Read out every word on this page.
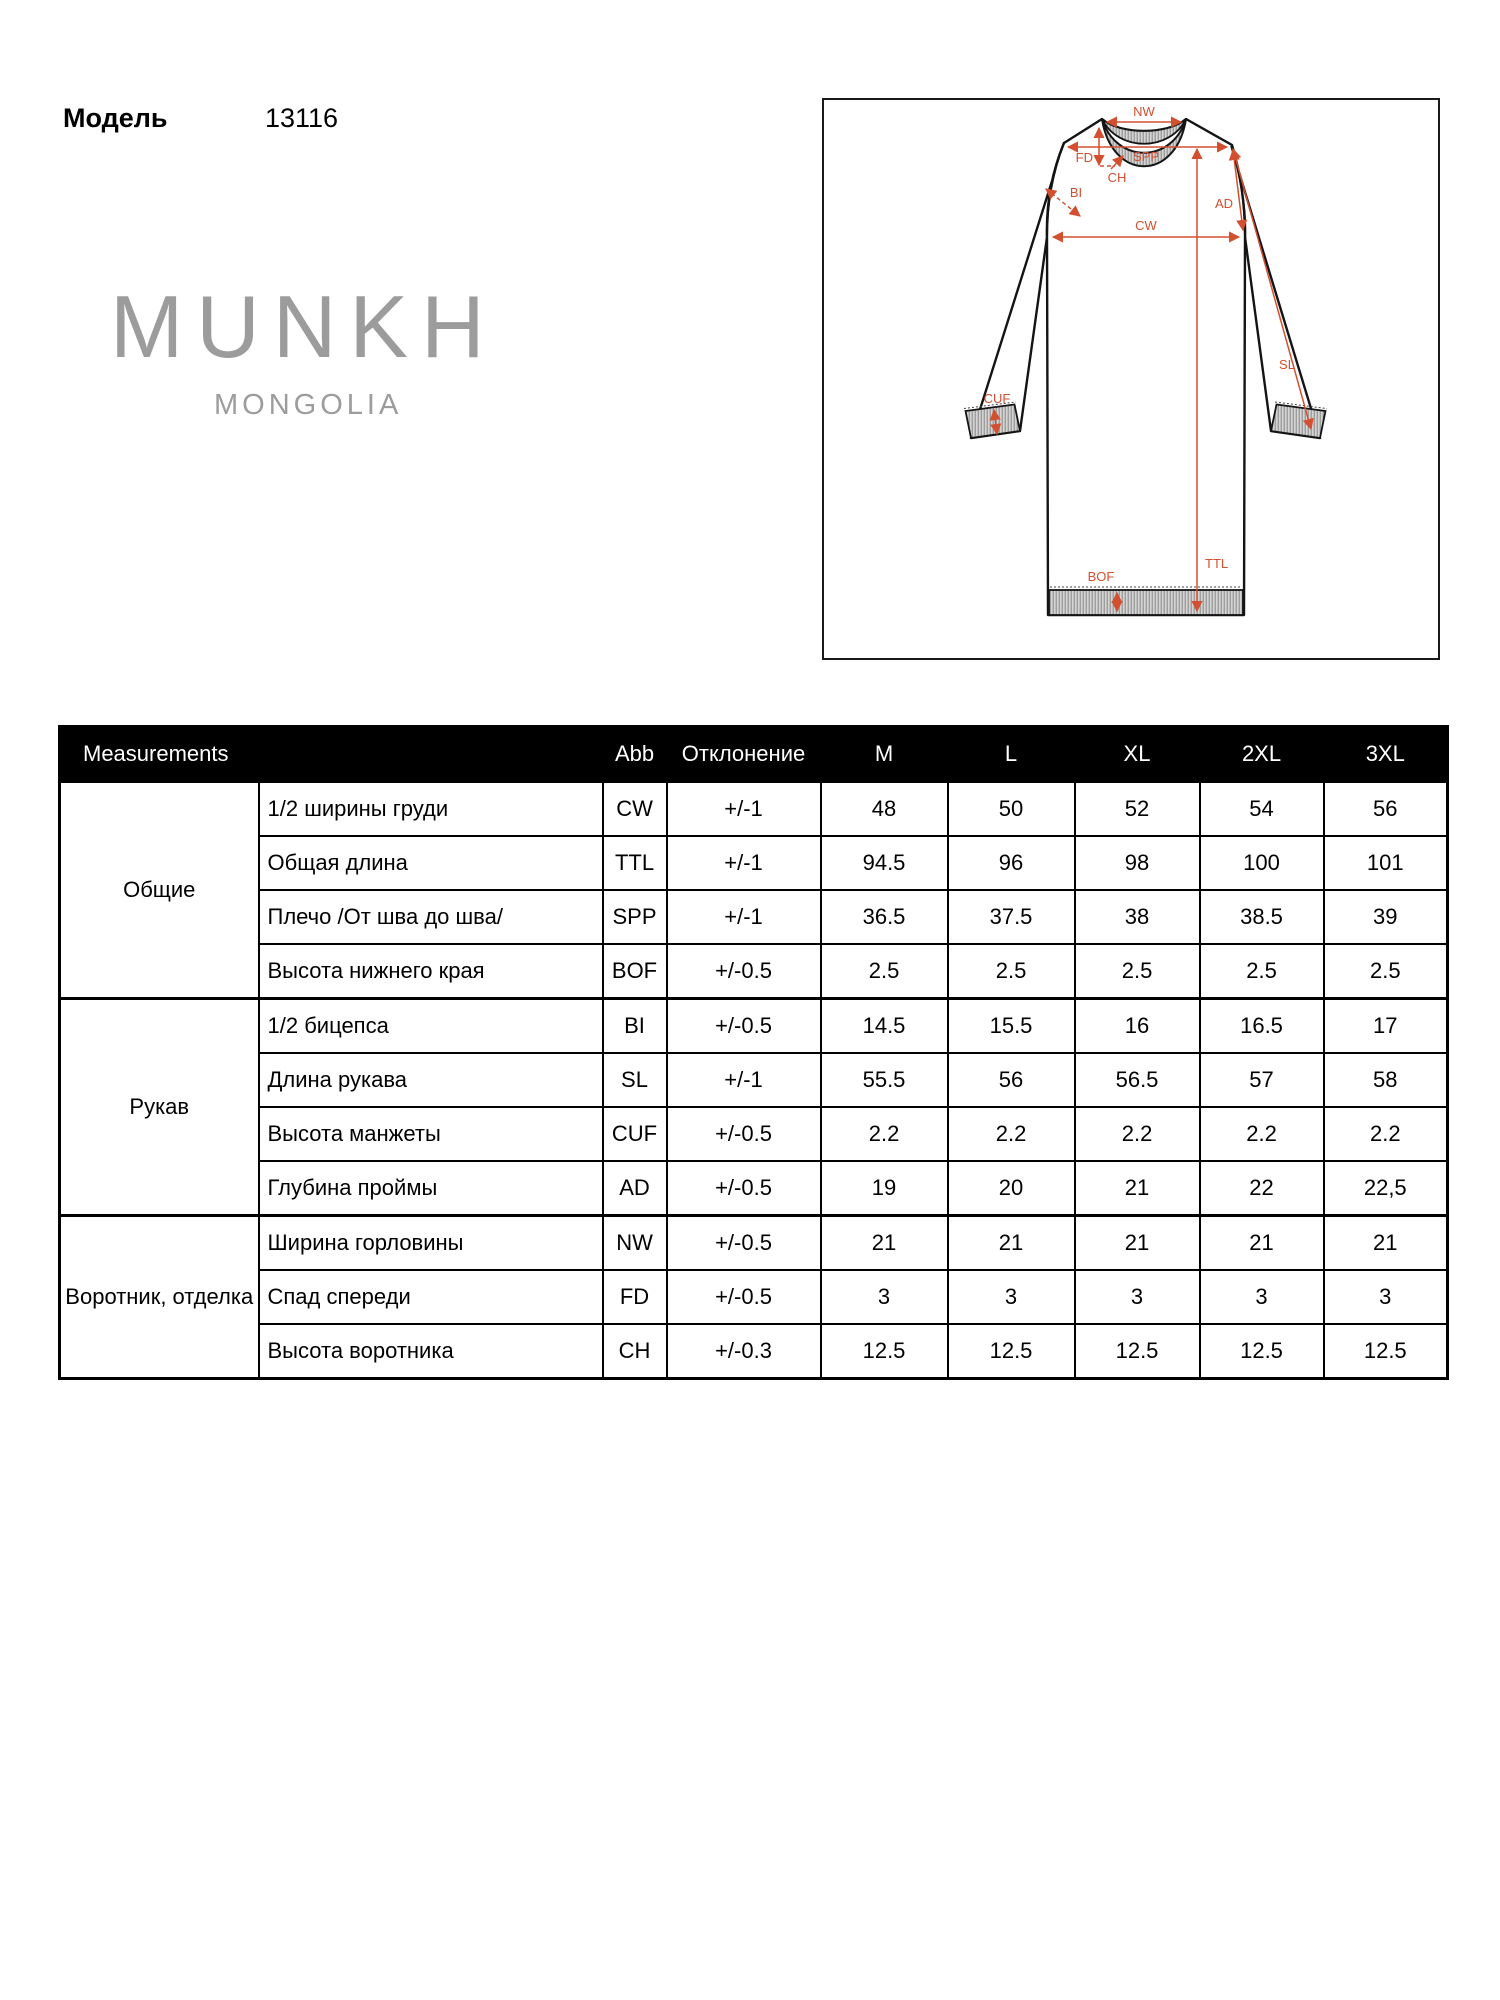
Модель	13116
MUNKH
MONGOLIA
NW
SPP
FD
CH
BI
CW
AD
SL
TTL
CUF
BOF
Measurements		Abb	Отклонение	M	L	XL	2XL	3XL
Общие	1/2 ширины груди	CW	+/-1	48	50	52	54	56
	Общая длина	TTL	+/-1	94.5	96	98	100	101
	Плечо /От шва до шва/	SPP	+/-1	36.5	37.5	38	38.5	39
	Высота нижнего края	BOF	+/-0.5	2.5	2.5	2.5	2.5	2.5
Рукав	1/2 бицепса	BI	+/-0.5	14.5	15.5	16	16.5	17
	Длина рукава	SL	+/-1	55.5	56	56.5	57	58
	Высота манжеты	CUF	+/-0.5	2.2	2.2	2.2	2.2	2.2
	Глубина проймы	AD	+/-0.5	19	20	21	22	22,5
Воротник, отделка	Ширина горловины	NW	+/-0.5	21	21	21	21	21
	Спад спереди	FD	+/-0.5	3	3	3	3	3
	Высота воротника	CH	+/-0.3	12.5	12.5	12.5	12.5	12.5
